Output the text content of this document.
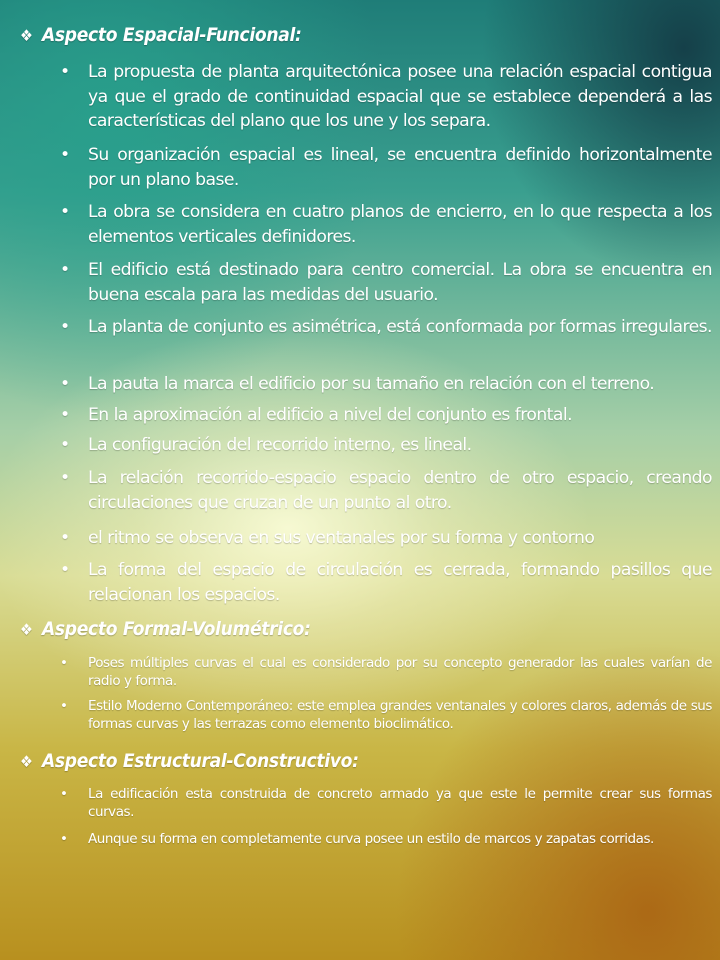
❖ Aspecto Espacial-Funcional:
• La propuesta de planta arquitectónica posee una relación espacial contigua ya que el grado de continuidad espacial que se establece dependerá a las características del plano que los une y los separa.
• Su organización espacial es lineal, se encuentra definido horizontalmente por un plano base.
• La obra se considera en cuatro planos de encierro, en lo que respecta a los elementos verticales definidores.
• El edificio está destinado para centro comercial. La obra se encuentra en buena escala para las medidas del usuario.
• La planta de conjunto es asimétrica, está conformada por formas irregulares.
• La pauta la marca el edificio por su tamaño en relación con el terreno.
• En la aproximación al edificio a nivel del conjunto es frontal.
• La configuración del recorrido interno, es lineal.
• La relación recorrido-espacio espacio dentro de otro espacio, creando circulaciones que cruzan de un punto al otro.
• el ritmo se observa en sus ventanales por su forma y contorno
• La forma del espacio de circulación es cerrada, formando pasillos que relacionan los espacios.
❖ Aspecto Formal-Volumétrico:
• Poses múltiples curvas el cual es considerado por su concepto generador las cuales varían de radio y forma.
• Estilo Moderno Contemporáneo: este emplea grandes ventanales y colores claros, además de sus formas curvas y las terrazas como elemento bioclimático.
❖ Aspecto Estructural-Constructivo:
• La edificación esta construida de concreto armado ya que este le permite crear sus formas curvas.
• Aunque su forma en completamente curva posee un estilo de marcos y zapatas corridas.
